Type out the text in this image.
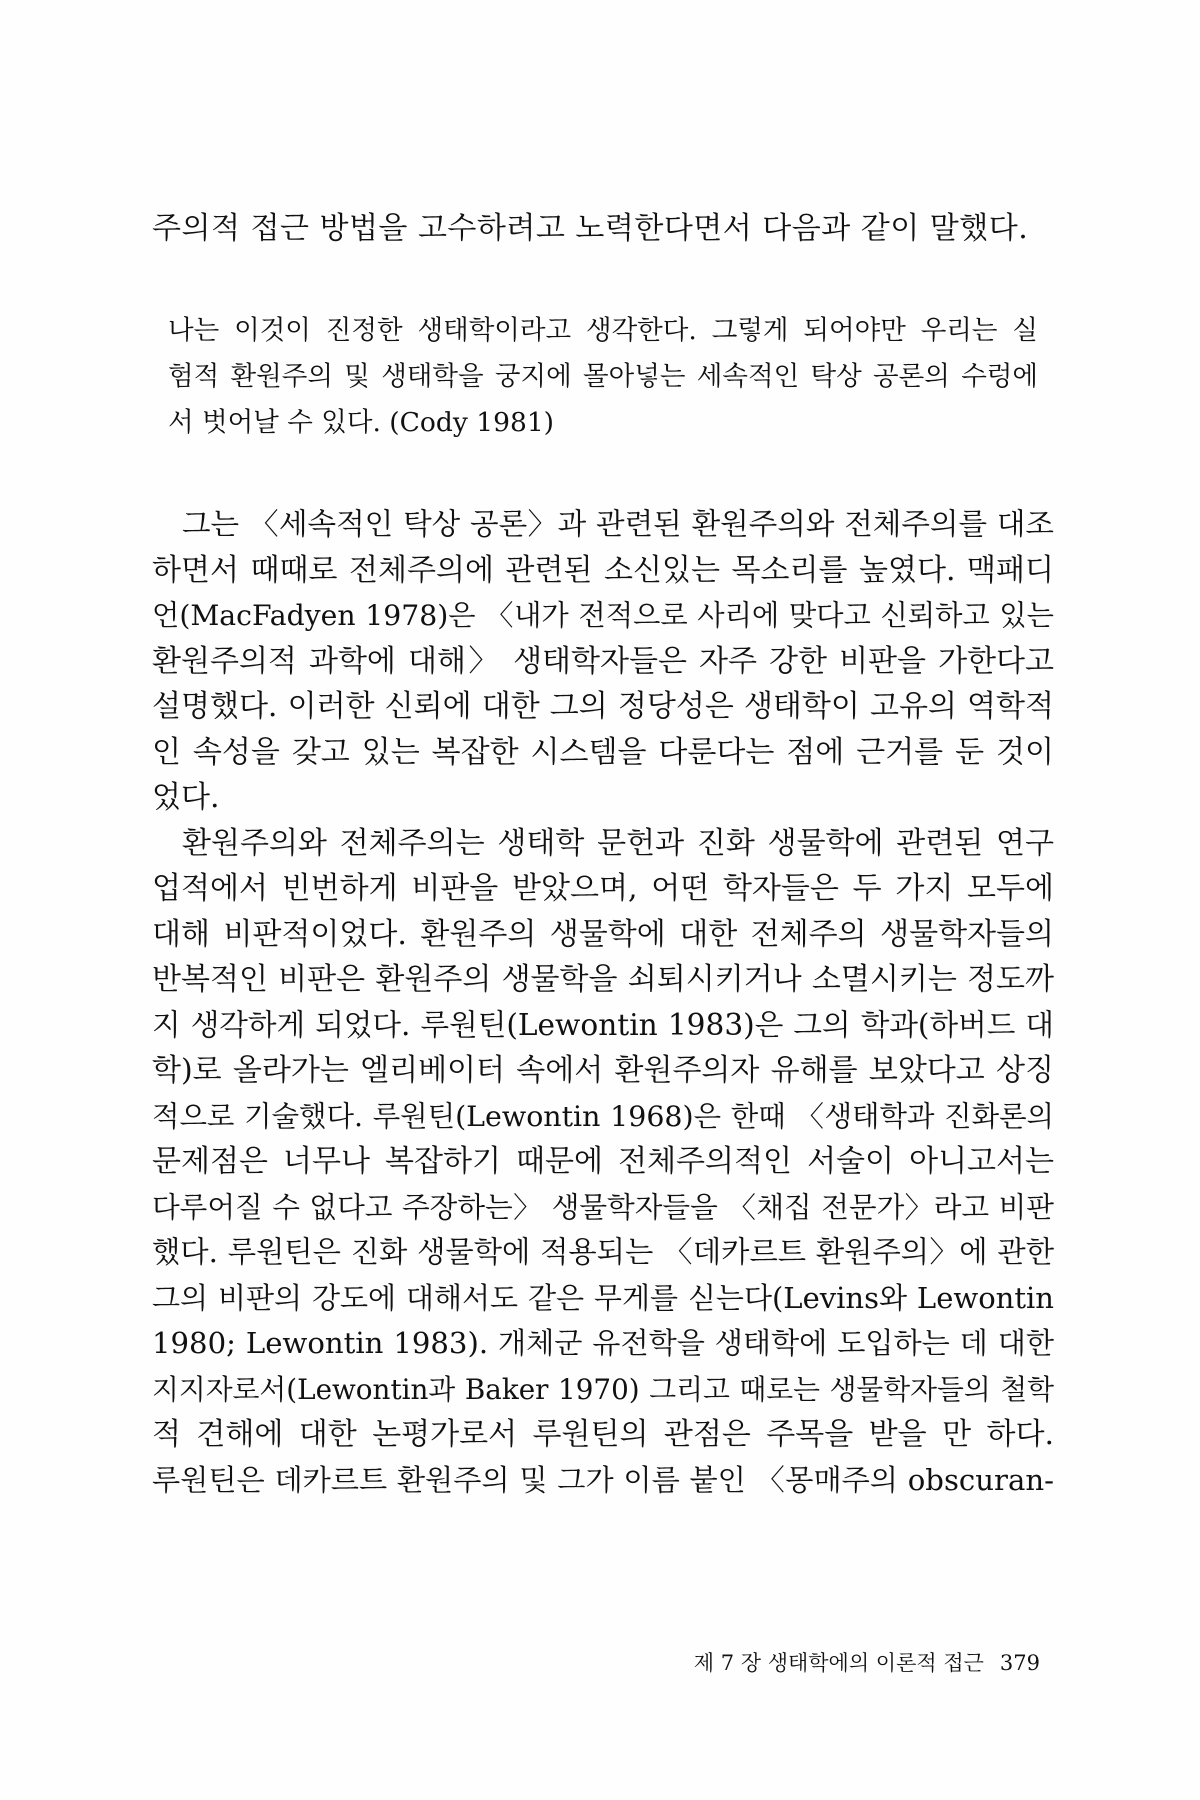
주의적 접근 방법을 고수하려고 노력한다면서 다음과 같이 말했다.
나는 이것이 진정한 생태학이라고 생각한다. 그렇게 되어야만 우리는 실
험적 환원주의 및 생태학을 궁지에 몰아넣는 세속적인 탁상 공론의 수렁에
서 벗어날 수 있다. (Cody 1981)
그는 〈세속적인 탁상 공론〉과 관련된 환원주의와 전체주의를 대조
하면서 때때로 전체주의에 관련된 소신있는 목소리를 높였다. 맥패디
언(MacFadyen 1978)은 〈내가 전적으로 사리에 맞다고 신뢰하고 있는
환원주의적 과학에 대해〉 생태학자들은 자주 강한 비판을 가한다고
설명했다. 이러한 신뢰에 대한 그의 정당성은 생태학이 고유의 역학적
인 속성을 갖고 있는 복잡한 시스템을 다룬다는 점에 근거를 둔 것이
었다.
환원주의와 전체주의는 생태학 문헌과 진화 생물학에 관련된 연구
업적에서 빈번하게 비판을 받았으며, 어떤 학자들은 두 가지 모두에
대해 비판적이었다. 환원주의 생물학에 대한 전체주의 생물학자들의
반복적인 비판은 환원주의 생물학을 쇠퇴시키거나 소멸시키는 정도까
지 생각하게 되었다. 루원틴(Lewontin 1983)은 그의 학과(하버드 대
학)로 올라가는 엘리베이터 속에서 환원주의자 유해를 보았다고 상징
적으로 기술했다. 루원틴(Lewontin 1968)은 한때 〈생태학과 진화론의
문제점은 너무나 복잡하기 때문에 전체주의적인 서술이 아니고서는
다루어질 수 없다고 주장하는〉 생물학자들을 〈채집 전문가〉라고 비판
했다. 루원틴은 진화 생물학에 적용되는 〈데카르트 환원주의〉에 관한
그의 비판의 강도에 대해서도 같은 무게를 싣는다(Levins와 Lewontin
1980; Lewontin 1983). 개체군 유전학을 생태학에 도입하는 데 대한
지지자로서(Lewontin과 Baker 1970) 그리고 때로는 생물학자들의 철학
적 견해에 대한 논평가로서 루원틴의 관점은 주목을 받을 만 하다.
루원틴은 데카르트 환원주의 및 그가 이름 붙인 〈몽매주의 obscuran-
제 7 장 생태학에의 이론적 접근 379
